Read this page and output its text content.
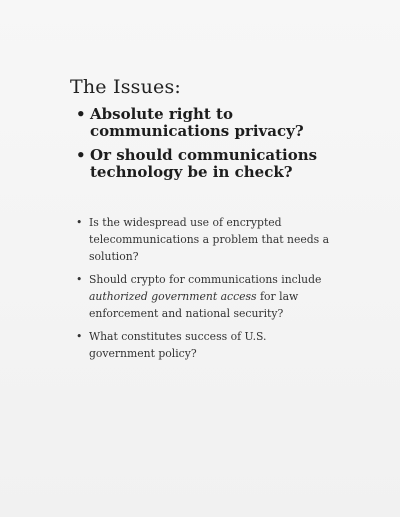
The Issues:
• Absolute right to communications privacy?
• Or should communications technology be in check?
• Is the widespread use of encrypted telecommunications a problem that needs a solution?
• Should crypto for communications include authorized government access for law enforcement and national security?
• What constitutes success of U.S. government policy?
